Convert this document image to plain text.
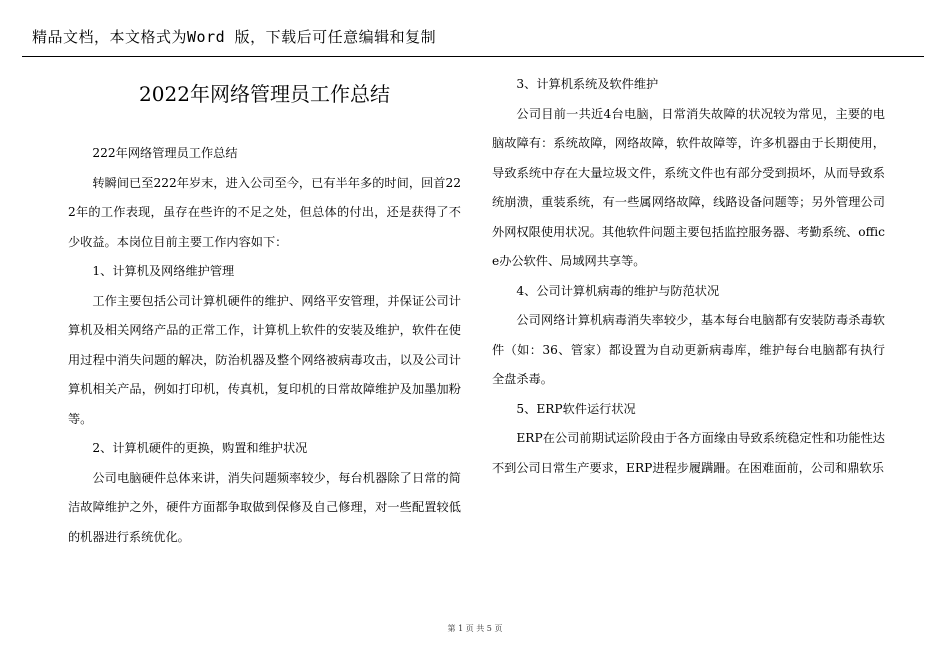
精品文档，本文格式为Word 版，下载后可任意编辑和复制
2022年网络管理员工作总结

222年网络管理员工作总结

转瞬间已至222年岁末，进入公司至今，已有半年多的时间，回首222年的工作表现，虽存在些许的不足之处，但总体的付出，还是获得了不少收益。本岗位目前主要工作内容如下：

1、计算机及网络维护管理

工作主要包括公司计算机硬件的维护、网络平安管理，并保证公司计算机及相关网络产品的正常工作，计算机上软件的安装及维护，软件在使用过程中消失问题的解决，防治机器及整个网络被病毒攻击，以及公司计算机相关产品，例如打印机，传真机，复印机的日常故障维护及加墨加粉等。

2、计算机硬件的更换，购置和维护状况

公司电脑硬件总体来讲，消失问题频率较少，每台机器除了日常的简洁故障维护之外，硬件方面都争取做到保修及自己修理，对一些配置较低的机器进行系统优化。

3、计算机系统及软件维护

公司目前一共近4台电脑，日常消失故障的状况较为常见，主要的电脑故障有：系统故障，网络故障，软件故障等，许多机器由于长期使用，导致系统中存在大量垃圾文件，系统文件也有部分受到损坏，从而导致系统崩溃，重装系统，有一些属网络故障，线路设备问题等；另外管理公司外网权限使用状况。其他软件问题主要包括监控服务器、考勤系统、office办公软件、局域网共享等。

4、公司计算机病毒的维护与防范状况

公司网络计算机病毒消失率较少，基本每台电脑都有安装防毒杀毒软件（如：36、管家）都设置为自动更新病毒库，维护每台电脑都有执行全盘杀毒。

5、ERP软件运行状况

ERP在公司前期试运阶段由于各方面缘由导致系统稳定性和功能性达不到公司日常生产要求，ERP进程步履蹒跚。在困难面前，公司和鼎软乐

第 1 页 共 5 页
